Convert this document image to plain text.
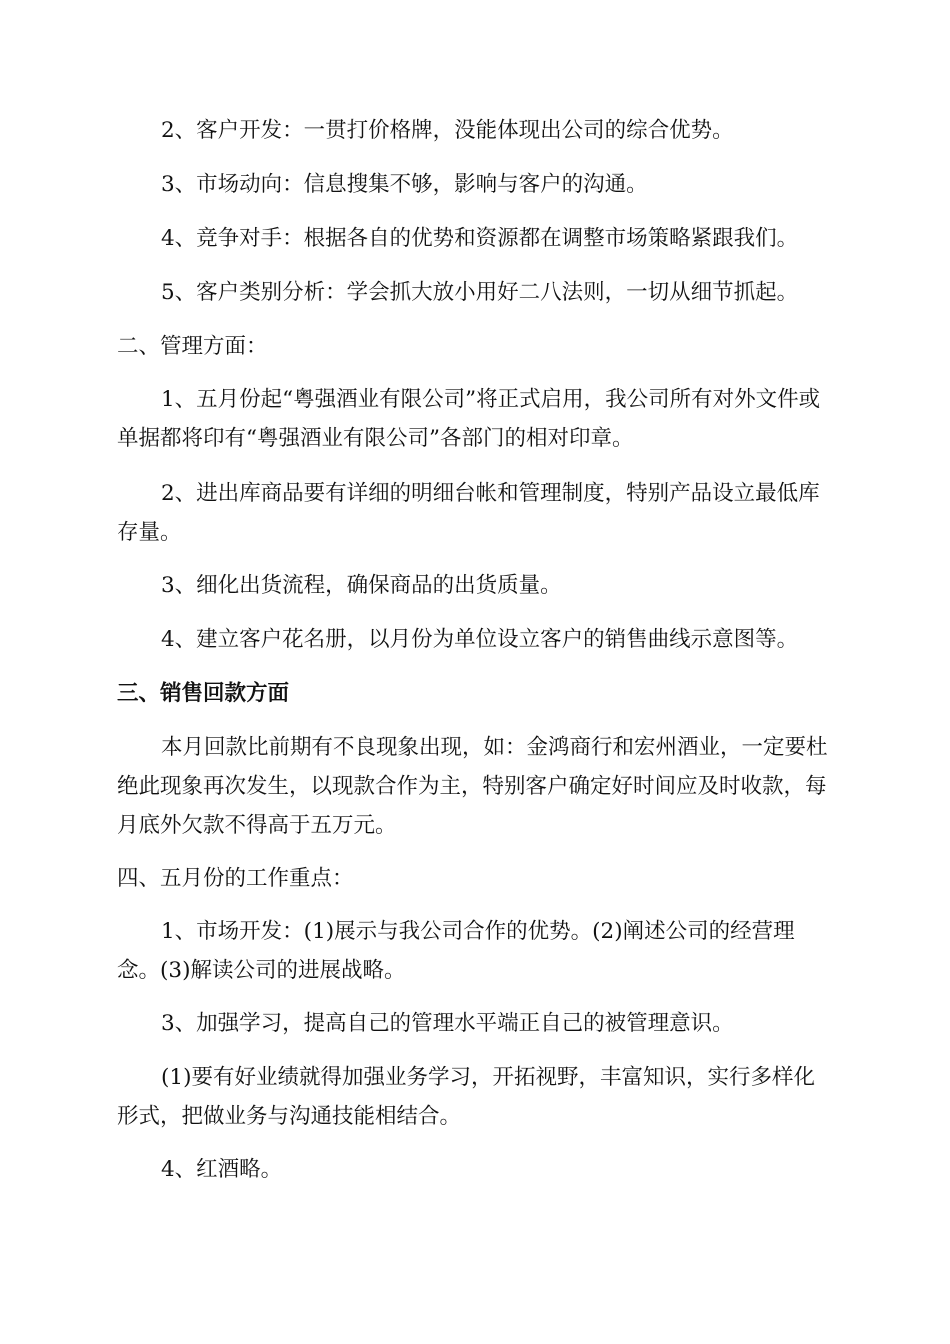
2、客户开发：一贯打价格牌，没能体现出公司的综合优势。

3、市场动向：信息搜集不够，影响与客户的沟通。

4、竞争对手：根据各自的优势和资源都在调整市场策略紧跟我们。

5、客户类别分析：学会抓大放小用好二八法则，一切从细节抓起。

二、管理方面：

1、五月份起“粤强酒业有限公司”将正式启用，我公司所有对外文件或单据都将印有“粤强酒业有限公司”各部门的相对印章。

2、进出库商品要有详细的明细台帐和管理制度，特别产品设立最低库存量。

3、细化出货流程，确保商品的出货质量。

4、建立客户花名册，以月份为单位设立客户的销售曲线示意图等。

三、销售回款方面

本月回款比前期有不良现象出现，如：金鸿商行和宏州酒业，一定要杜绝此现象再次发生，以现款合作为主，特别客户确定好时间应及时收款，每月底外欠款不得高于五万元。

四、五月份的工作重点：

1、市场开发：(1)展示与我公司合作的优势。(2)阐述公司的经营理念。(3)解读公司的进展战略。

3、加强学习，提高自己的管理水平端正自己的被管理意识。

(1)要有好业绩就得加强业务学习，开拓视野，丰富知识，实行多样化形式，把做业务与沟通技能相结合。

4、红酒略。
